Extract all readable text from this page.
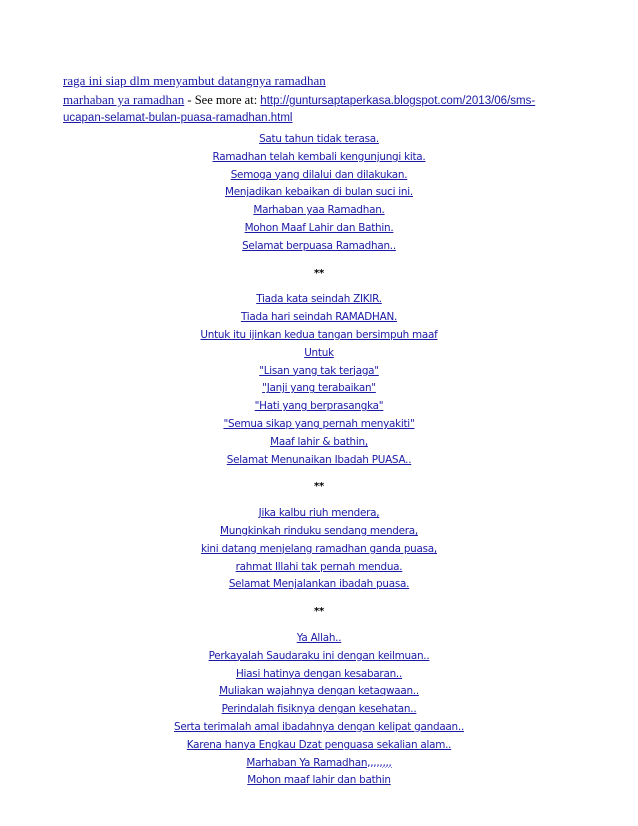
raga ini siap dlm menyambut datangnya ramadhan
marhaban ya ramadhan - See more at: http://guntursaptaperkasa.blogspot.com/2013/06/sms-
ucapan-selamat-bulan-puasa-ramadhan.html
Satu tahun tidak terasa.
Ramadhan telah kembali kengunjungi kita.
Semoga yang dilalui dan dilakukan.
Menjadikan kebaikan di bulan suci ini.
Marhaban yaa Ramadhan.
Mohon Maaf Lahir dan Bathin.
Selamat berpuasa Ramadhan..
**
Tiada kata seindah ZIKIR.
Tiada hari seindah RAMADHAN.
Untuk itu ijinkan kedua tangan bersimpuh maaf
Untuk
"Lisan yang tak terjaga"
"Janji yang terabaikan"
"Hati yang berprasangka"
"Semua sikap yang pernah menyakiti"
Maaf lahir & bathin,
Selamat Menunaikan Ibadah PUASA..
**
Jika kalbu riuh mendera,
Mungkinkah rinduku sendang mendera,
kini datang menjelang ramadhan ganda puasa,
rahmat Illahi tak pernah mendua.
Selamat Menjalankan ibadah puasa.
**
Ya Allah..
Perkayalah Saudaraku ini dengan keilmuan..
Hiasi hatinya dengan kesabaran..
Muliakan wajahnya dengan ketaqwaan..
Perindalah fisiknya dengan kesehatan..
Serta terimalah amal ibadahnya dengan kelipat gandaan..
Karena hanya Engkau Dzat penguasa sekalian alam..
Marhaban Ya Ramadhan,,,,,,,,
Mohon maaf lahir dan bathin
